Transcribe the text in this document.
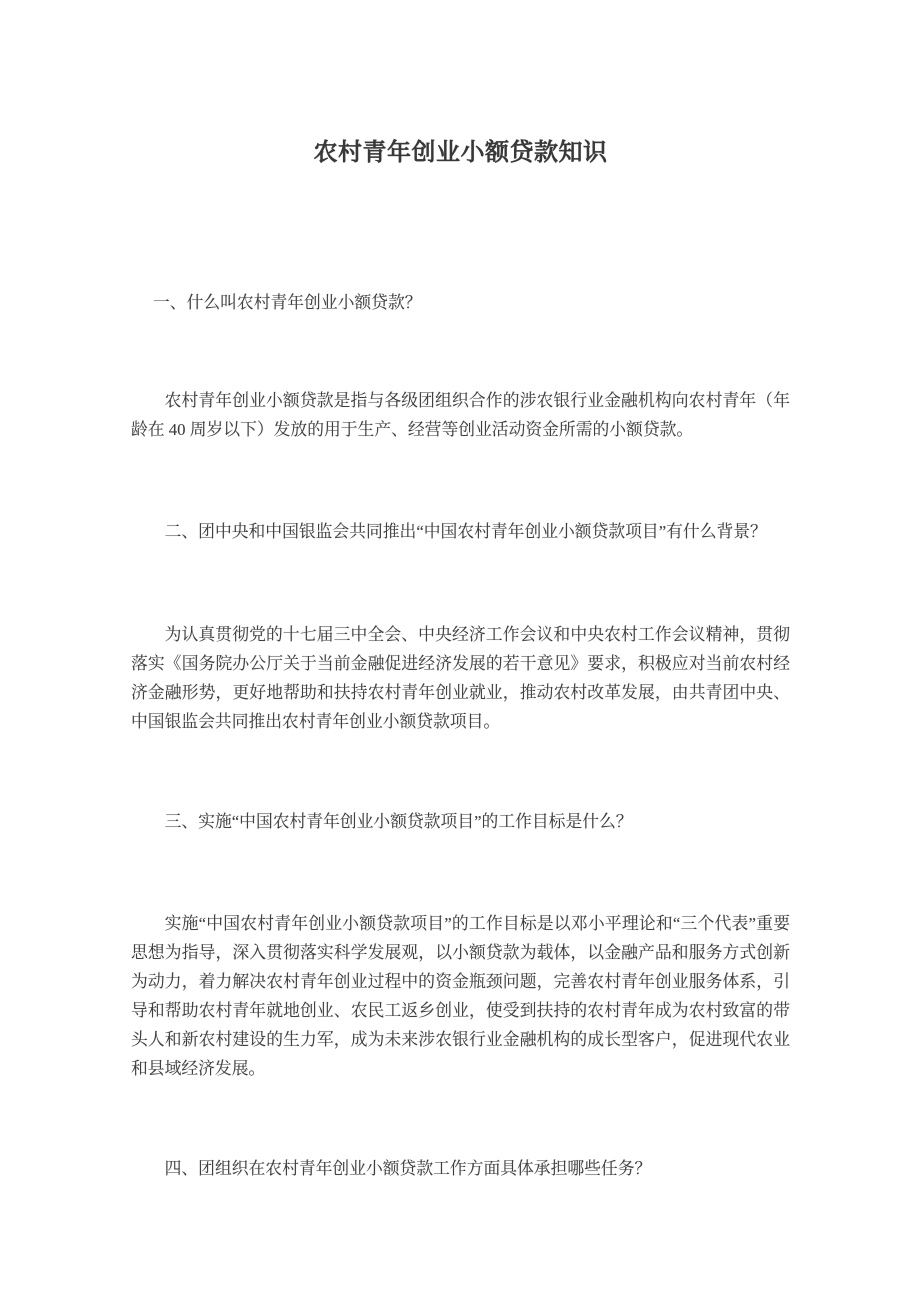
农村青年创业小额贷款知识
一、什么叫农村青年创业小额贷款？
农村青年创业小额贷款是指与各级团组织合作的涉农银行业金融机构向农村青年（年龄在 40 周岁以下）发放的用于生产、经营等创业活动资金所需的小额贷款。
二、团中央和中国银监会共同推出“中国农村青年创业小额贷款项目”有什么背景？
为认真贯彻党的十七届三中全会、中央经济工作会议和中央农村工作会议精神，贯彻落实《国务院办公厅关于当前金融促进经济发展的若干意见》要求，积极应对当前农村经济金融形势，更好地帮助和扶持农村青年创业就业，推动农村改革发展，由共青团中央、中国银监会共同推出农村青年创业小额贷款项目。
三、实施“中国农村青年创业小额贷款项目”的工作目标是什么？
实施“中国农村青年创业小额贷款项目”的工作目标是以邓小平理论和“三个代表”重要思想为指导，深入贯彻落实科学发展观，以小额贷款为载体，以金融产品和服务方式创新为动力，着力解决农村青年创业过程中的资金瓶颈问题，完善农村青年创业服务体系，引导和帮助农村青年就地创业、农民工返乡创业，使受到扶持的农村青年成为农村致富的带头人和新农村建设的生力军，成为未来涉农银行业金融机构的成长型客户，促进现代农业和县域经济发展。
四、团组织在农村青年创业小额贷款工作方面具体承担哪些任务？
